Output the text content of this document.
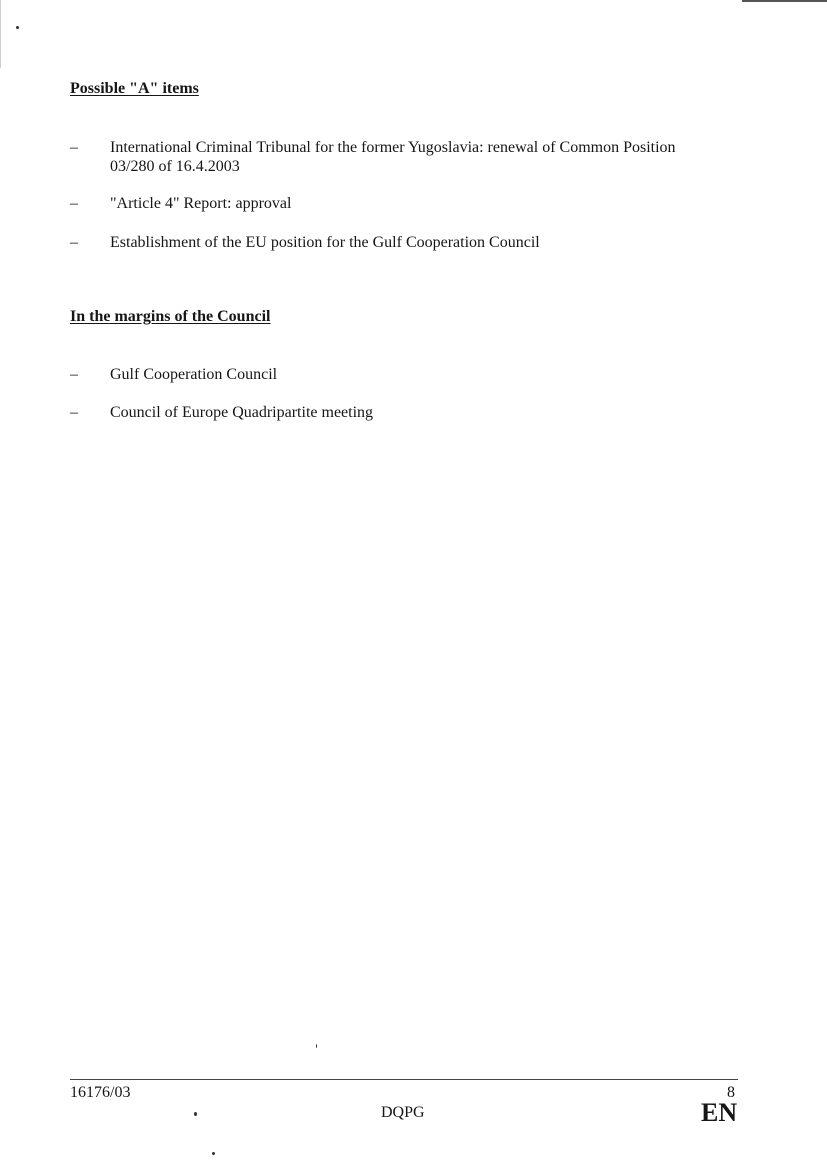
Possible "A" items
–	International Criminal Tribunal for the former Yugoslavia: renewal of Common Position 03/280 of 16.4.2003
–	"Article 4" Report: approval
–	Establishment of the EU position for the Gulf Cooperation Council
In the margins of the Council
–	Gulf Cooperation Council
–	Council of Europe Quadripartite meeting
16176/03	8
DQPG	EN
